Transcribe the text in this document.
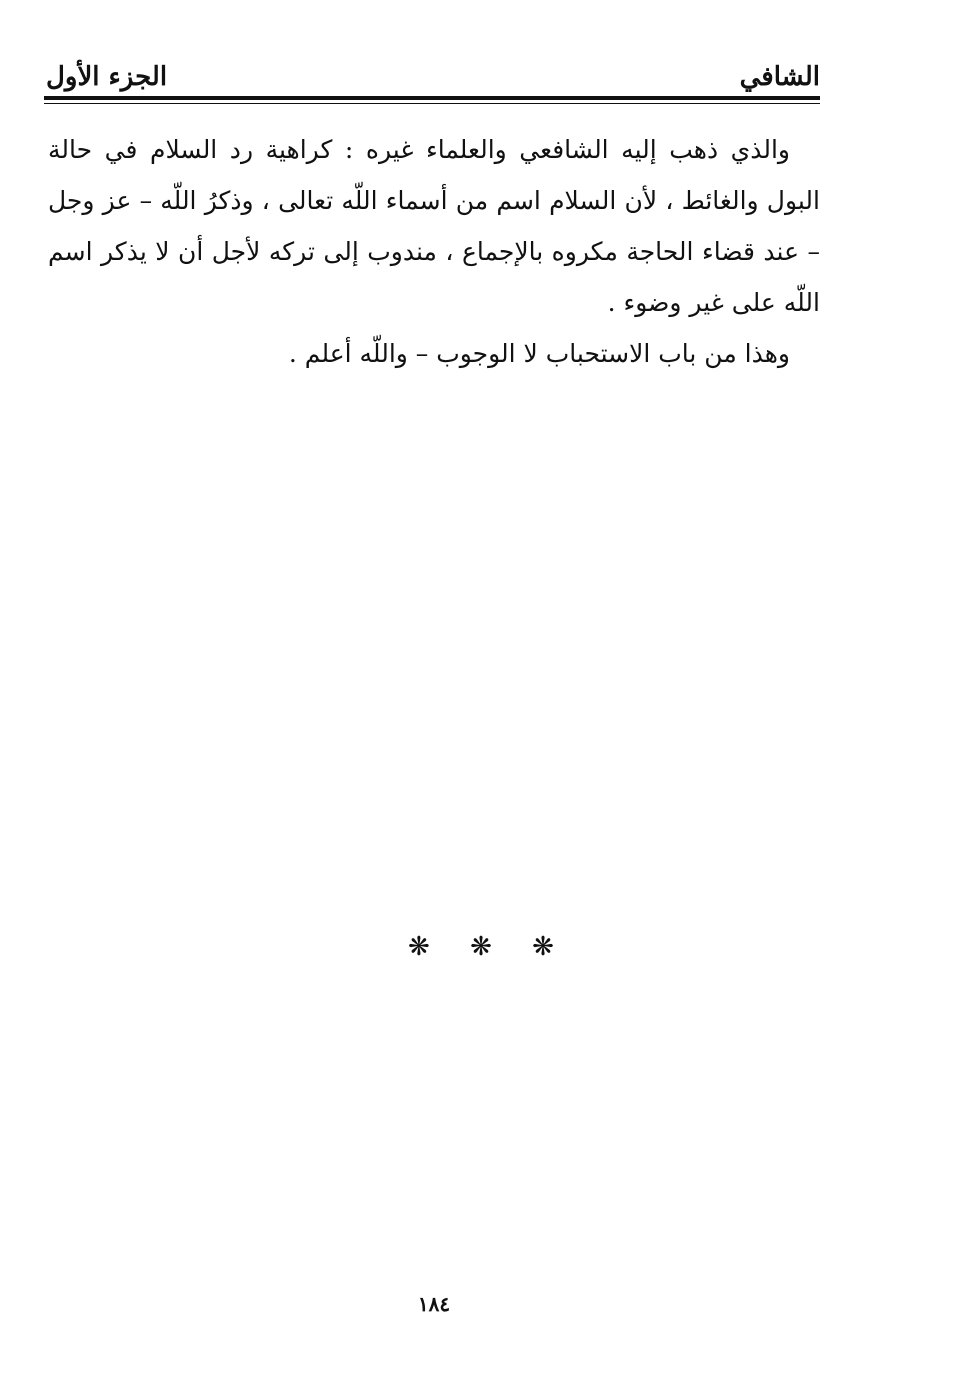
الشافي
الجزء الأول

والذي ذهب إليه الشافعي والعلماء غيره : كراهية رد السلام في حالة البول والغائط ، لأن السلام اسم من أسماء اللّه تعالى ، وذكرُ اللّه – عز وجل – عند قضاء الحاجة مكروه بالإجماع ، مندوب إلى تركه لأجل أن لا يذكر اسم اللّه على غير وضوء .

وهذا من باب الاستحباب لا الوجوب – واللّه أعلم .

❋ ❋ ❋
١٨٤
